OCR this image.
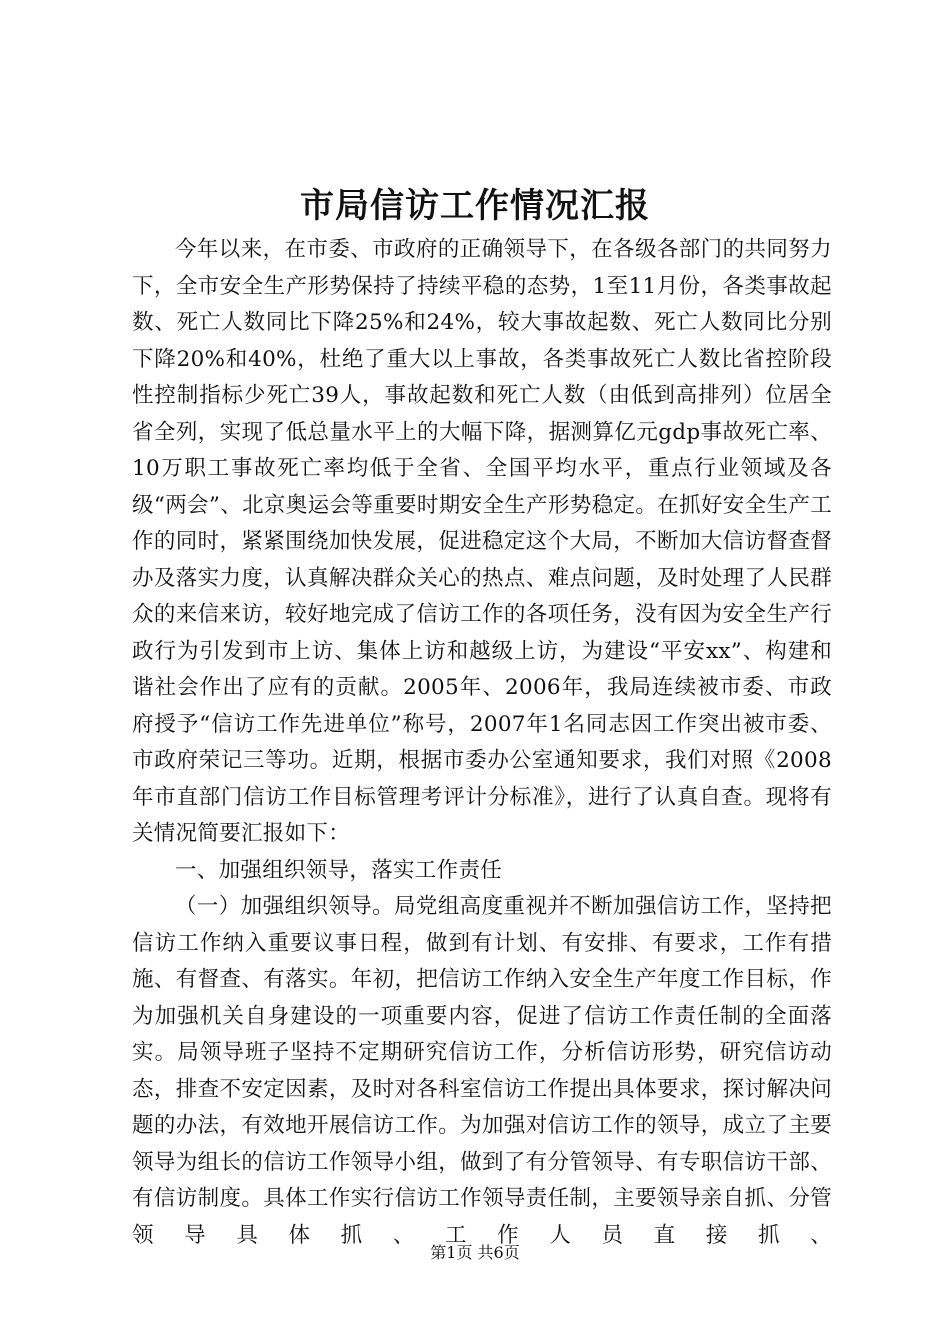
市局信访工作情况汇报

今年以来，在市委、市政府的正确领导下，在各级各部门的共同努力下，全市安全生产形势保持了持续平稳的态势，1至11月份，各类事故起数、死亡人数同比下降25%和24%，较大事故起数、死亡人数同比分别下降20%和40%，杜绝了重大以上事故，各类事故死亡人数比省控阶段性控制指标少死亡39人，事故起数和死亡人数（由低到高排列）位居全省全列，实现了低总量水平上的大幅下降，据测算亿元gdp事故死亡率、10万职工事故死亡率均低于全省、全国平均水平，重点行业领域及各级“两会”、北京奥运会等重要时期安全生产形势稳定。在抓好安全生产工作的同时，紧紧围绕加快发展，促进稳定这个大局，不断加大信访督查督办及落实力度，认真解决群众关心的热点、难点问题，及时处理了人民群众的来信来访，较好地完成了信访工作的各项任务，没有因为安全生产行政行为引发到市上访、集体上访和越级上访，为建设“平安xx”、构建和谐社会作出了应有的贡献。2005年、2006年，我局连续被市委、市政府授予“信访工作先进单位”称号，2007年1名同志因工作突出被市委、市政府荣记三等功。近期，根据市委办公室通知要求，我们对照《2008年市直部门信访工作目标管理考评计分标准》，进行了认真自查。现将有关情况简要汇报如下：

一、加强组织领导，落实工作责任

（一）加强组织领导。局党组高度重视并不断加强信访工作，坚持把信访工作纳入重要议事日程，做到有计划、有安排、有要求，工作有措施、有督查、有落实。年初，把信访工作纳入安全生产年度工作目标，作为加强机关自身建设的一项重要内容，促进了信访工作责任制的全面落实。局领导班子坚持不定期研究信访工作，分析信访形势，研究信访动态，排查不安定因素，及时对各科室信访工作提出具体要求，探讨解决问题的办法，有效地开展信访工作。为加强对信访工作的领导，成立了主要领导为组长的信访工作领导小组，做到了有分管领导、有专职信访干部、有信访制度。具体工作实行信访工作领导责任制，主要领导亲自抓、分管领导具体抓、工作人员直接抓、

第1页 共6页
